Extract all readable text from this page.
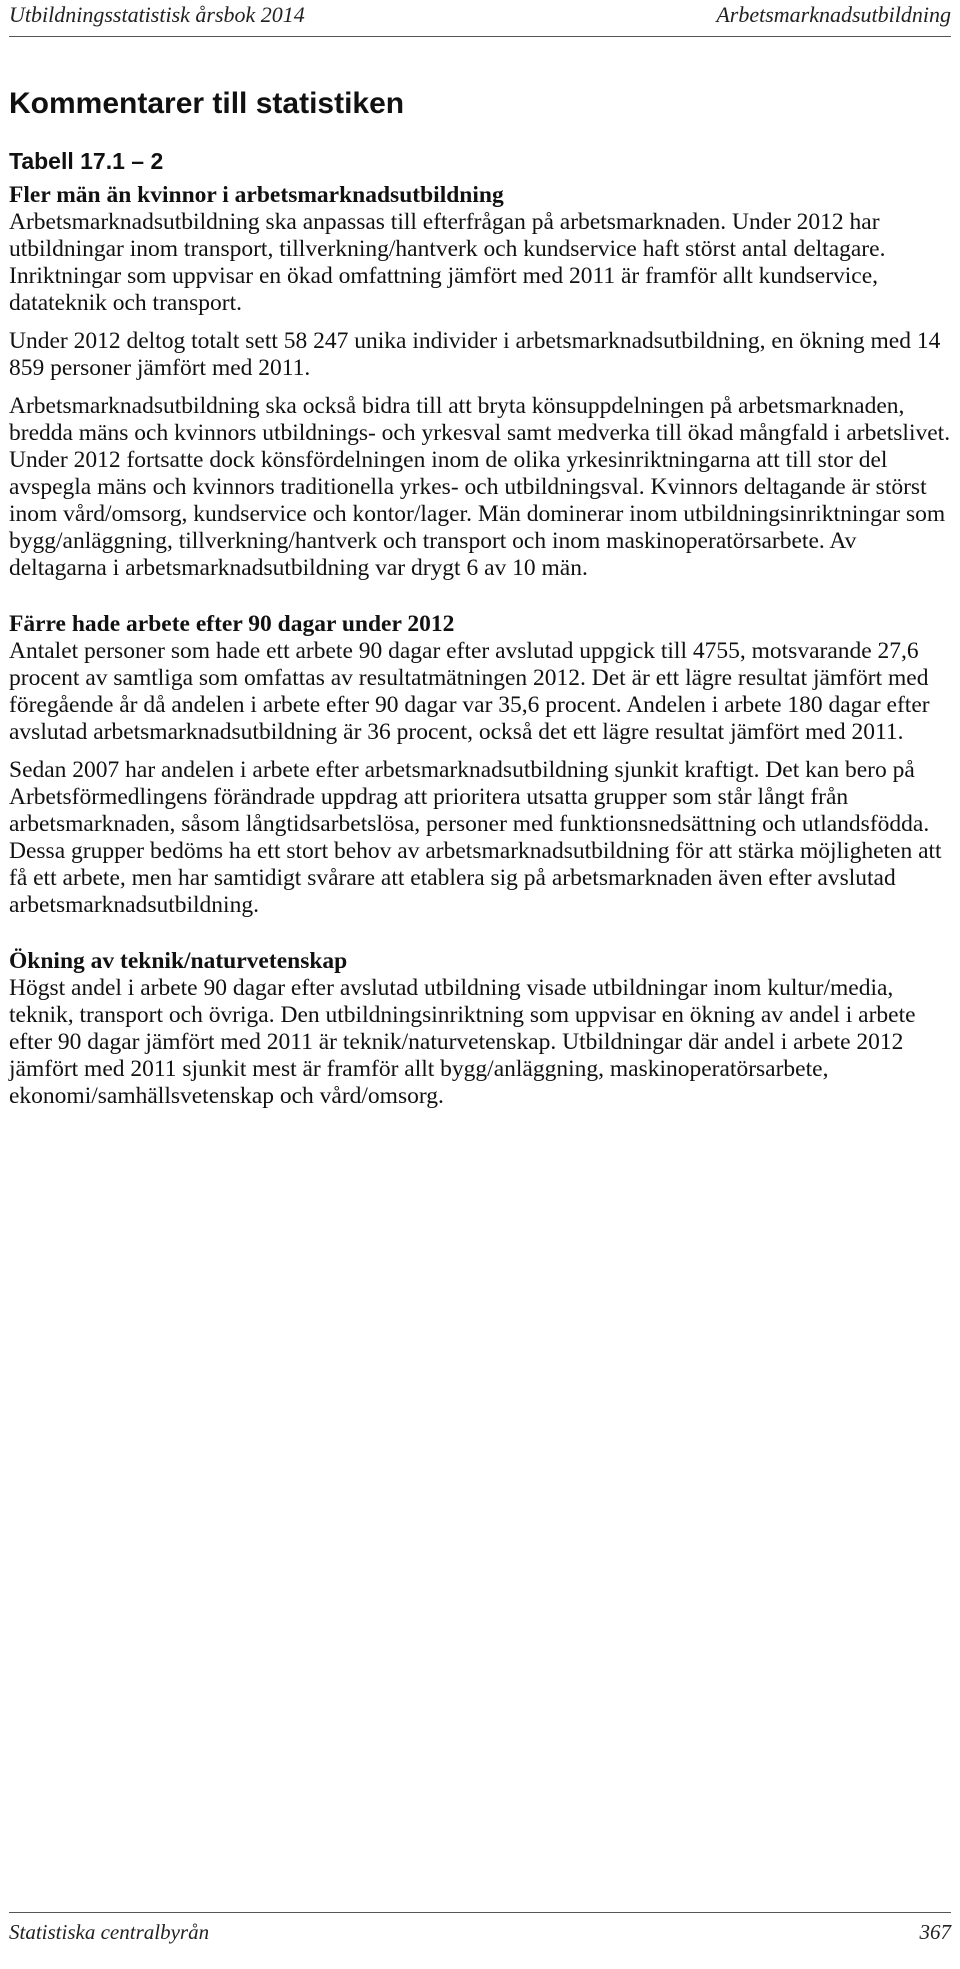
Utbildningsstatistisk årsbok 2014	Arbetsmarknadsutbildning
Kommentarer till statistiken
Tabell 17.1 – 2

Fler män än kvinnor i arbetsmarknadsutbildning

Arbetsmarknadsutbildning ska anpassas till efterfrågan på arbetsmarknaden. Under 2012 har utbildningar inom transport, tillverkning/hantverk och kundservice haft störst antal deltagare. Inriktningar som uppvisar en ökad omfattning jämfört med 2011 är framför allt kundservice, datateknik och transport.

Under 2012 deltog totalt sett 58 247 unika individer i arbetsmarknadsutbildning, en ökning med 14 859 personer jämfört med 2011.

Arbetsmarknadsutbildning ska också bidra till att bryta könsuppdelningen på arbetsmarknaden, bredda mäns och kvinnors utbildnings- och yrkesval samt medverka till ökad mångfald i arbetslivet. Under 2012 fortsatte dock könsfördelningen inom de olika yrkesinriktningarna att till stor del avspegla mäns och kvinnors traditionella yrkes- och utbildningsval. Kvinnors deltagande är störst inom vård/omsorg, kundservice och kontor/lager. Män dominerar inom utbildningsinriktningar som bygg/anläggning, tillverkning/hantverk och transport och inom maskinoperatörsarbete. Av deltagarna i arbetsmarknadsutbildning var drygt 6 av 10 män.

Färre hade arbete efter 90 dagar under 2012

Antalet personer som hade ett arbete 90 dagar efter avslutad uppgick till 4755, motsvarande 27,6 procent av samtliga som omfattas av resultatmätningen 2012. Det är ett lägre resultat jämfört med föregående år då andelen i arbete efter 90 dagar var 35,6 procent. Andelen i arbete 180 dagar efter avslutad arbetsmarknadsutbildning är 36 procent, också det ett lägre resultat jämfört med 2011.

Sedan 2007 har andelen i arbete efter arbetsmarknadsutbildning sjunkit kraftigt. Det kan bero på Arbetsförmedlingens förändrade uppdrag att prioritera utsatta grupper som står långt från arbetsmarknaden, såsom långtidsarbetslösa, personer med funktionsnedsättning och utlandsfödda. Dessa grupper bedöms ha ett stort behov av arbetsmarknadsutbildning för att stärka möjligheten att få ett arbete, men har samtidigt svårare att etablera sig på arbetsmarknaden även efter avslutad arbetsmarknadsutbildning.

Ökning av teknik/naturvetenskap

Högst andel i arbete 90 dagar efter avslutad utbildning visade utbildningar inom kultur/media, teknik, transport och övriga. Den utbildningsinriktning som uppvisar en ökning av andel i arbete efter 90 dagar jämfört med 2011 är teknik/naturvetenskap. Utbildningar där andel i arbete 2012 jämfört med 2011 sjunkit mest är framför allt bygg/anläggning, maskinoperatörsarbete, ekonomi/samhällsvetenskap och vård/omsorg.

Statistiska centralbyrån	367
